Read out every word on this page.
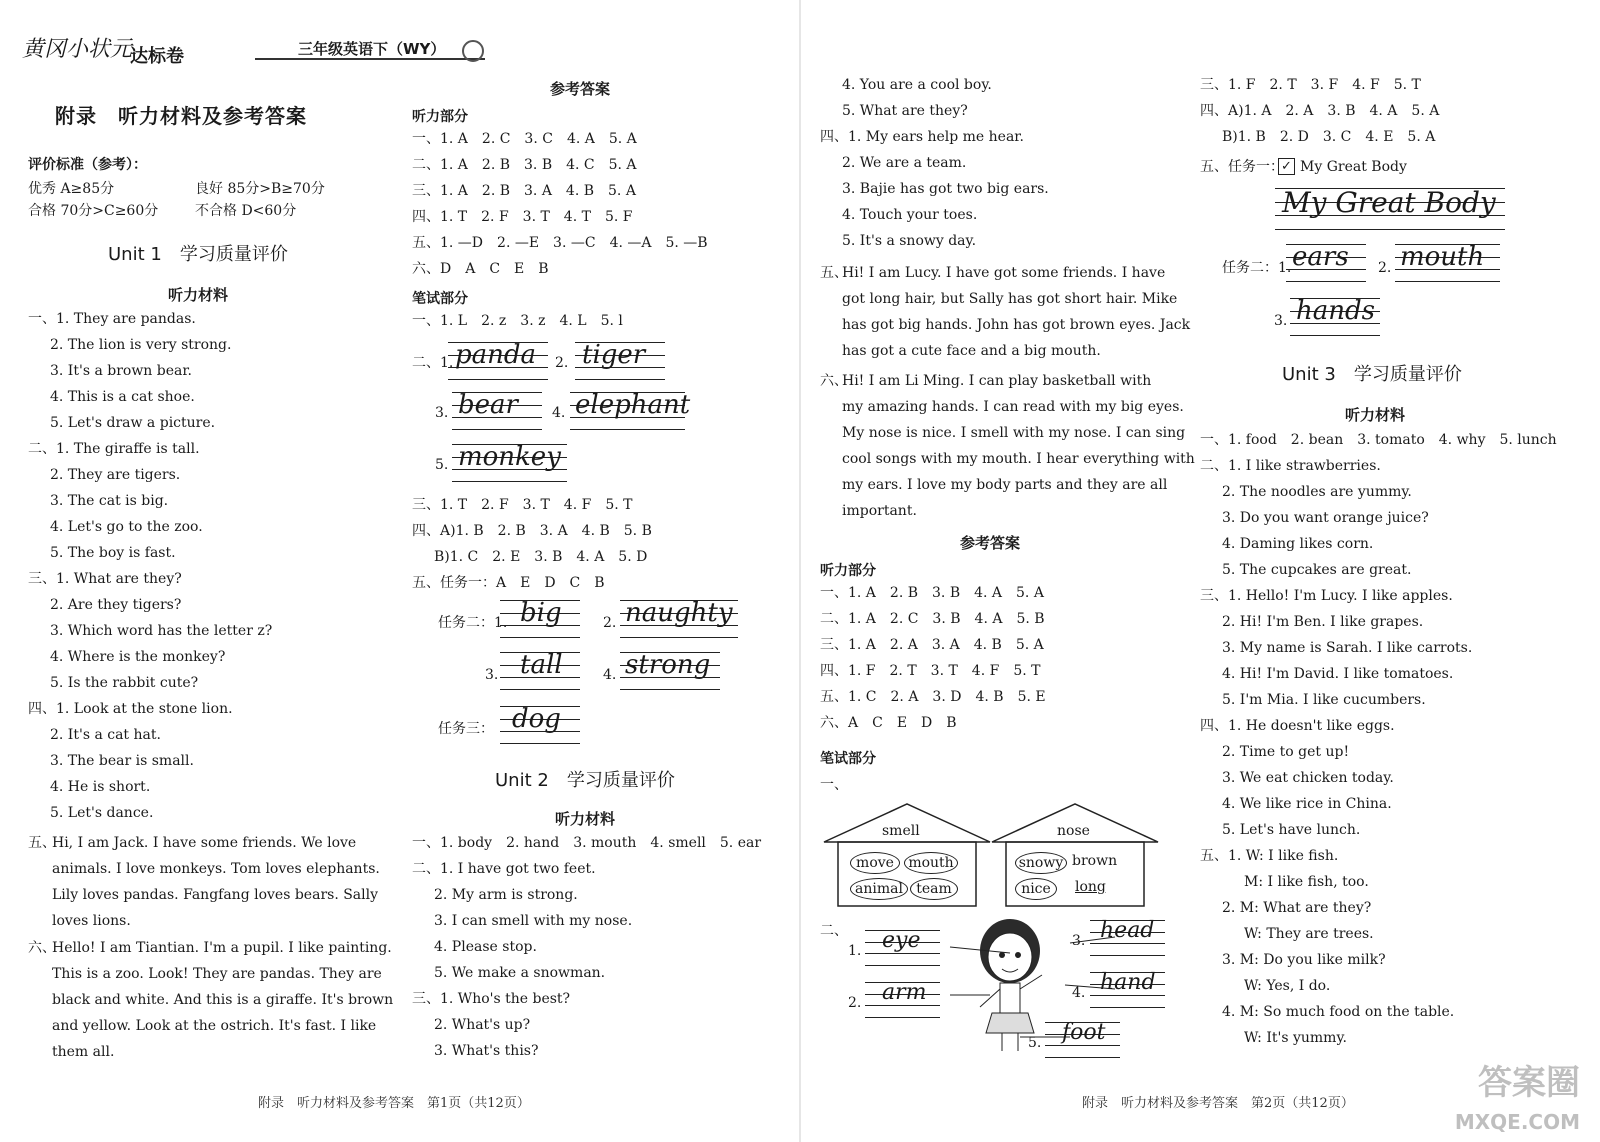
黄冈小状元
达标卷	三年级英语下（WY）
附录　听力材料及参考答案
评价标准（参考）：
优秀 A≥85分	良好 85分>B≥70分
合格 70分>C≥60分	不合格 D<60分
Unit 1　学习质量评价
听力材料
一、1. They are pandas.
2. The lion is very strong.
3. It's a brown bear.
4. This is a cat shoe.
5. Let's draw a picture.
二、1. The giraffe is tall.
2. They are tigers.
3. The cat is big.
4. Let's go to the zoo.
5. The boy is fast.
三、1. What are they?
2. Are they tigers?
3. Which word has the letter z?
4. Where is the monkey?
5. Is the rabbit cute?
四、1. Look at the stone lion.
2. It's a cat hat.
3. The bear is small.
4. He is short.
5. Let's dance.
五、
Hi, I am Jack. I have some friends. We love
animals. I love monkeys. Tom loves elephants.
Lily loves pandas. Fangfang loves bears. Sally
loves lions.
六、
Hello! I am Tiantian. I'm a pupil. I like painting.
This is a zoo. Look! They are pandas. They are
black and white. And this is a giraffe. It's brown
and yellow. Look at the ostrich. It's fast. I like
them all.
参考答案
听力部分
一、1. A　2. C　3. C　4. A　5. A
二、1. A　2. B　3. B　4. C　5. A
三、1. A　2. B　3. A　4. B　5. A
四、1. T　2. F　3. T　4. T　5. F
五、1. —D　2. —E　3. —C　4. —A　5. —B
六、D　A　C　E　B
笔试部分
一、1. L　2. z　3. z　4. L　5. l
二、1. panda 2. tiger
3. bear 4. elephant
5. monkey
三、1. T　2. F　3. T　4. F　5. T
四、A)1. B　2. B　3. A　4. B　5. B
B)1. C　2. E　3. B　4. A　5. D
五、任务一：A　E　D　C　B
任务二：1. big	2. naughty
3. tall	4. strong
任务三： dog
Unit 2　学习质量评价
听力材料
一、1. body　2. hand　3. mouth　4. smell　5. ear
二、1. I have got two feet.
2. My arm is strong.
3. I can smell with my nose.
4. Please stop.
5. We make a snowman.
三、1. Who's the best?
2. What's up?
3. What's this?
附录　听力材料及参考答案　第1页（共12页）
4. You are a cool boy.
5. What are they?
四、1. My ears help me hear.
2. We are a team.
3. Bajie has got two big ears.
4. Touch your toes.
5. It's a snowy day.
五、
Hi! I am Lucy. I have got some friends. I have
got long hair, but Sally has got short hair. Mike
has got big hands. John has got brown eyes. Jack
has got a cute face and a big mouth.
六、
Hi! I am Li Ming. I can play basketball with
my amazing hands. I can read with my big eyes.
My nose is nice. I smell with my nose. I can sing
cool songs with my mouth. I hear everything with
my ears. I love my body parts and they are all
important.
参考答案
听力部分
一、1. A　2. B　3. B　4. A　5. A
二、1. A　2. C　3. B　4. A　5. B
三、1. A　2. A　3. A　4. B　5. A
四、1. F　2. T　3. T　4. F　5. T
五、1. C　2. A　3. D　4. B　5. E
六、A　C　E　D　B
笔试部分
一、
smell	nose
move	mouth
animal team
snowy brown
nice	long
二、
1. eye
2. arm
3. head
4. hand
5. foot
三、1. F　2. T　3. F　4. F　5. T
四、A)1. A　2. A　3. B　4. A　5. A
B)1. B　2. D　3. C　4. E　5. A
五、任务一：
✓ My Great Body
My Great Body
任务二：1. ears 2. mouth
3. hands
Unit 3　学习质量评价
听力材料
一、1. food　2. bean　3. tomato　4. why　5. lunch
二、1. I like strawberries.
2. The noodles are yummy.
3. Do you want orange juice?
4. Daming likes corn.
5. The cupcakes are great.
三、1. Hello! I'm Lucy. I like apples.
2. Hi! I'm Ben. I like grapes.
3. My name is Sarah. I like carrots.
4. Hi! I'm David. I like tomatoes.
5. I'm Mia. I like cucumbers.
四、1. He doesn't like eggs.
2. Time to get up!
3. We eat chicken today.
4. We like rice in China.
5. Let's have lunch.
五、1. W: I like fish.
M: I like fish, too.
2. M: What are they?
W: They are trees.
3. M: Do you like milk?
W: Yes, I do.
4. M: So much food on the table.
W: It's yummy.
附录　听力材料及参考答案　第2页（共12页）
答案圈
MXQE.COM
